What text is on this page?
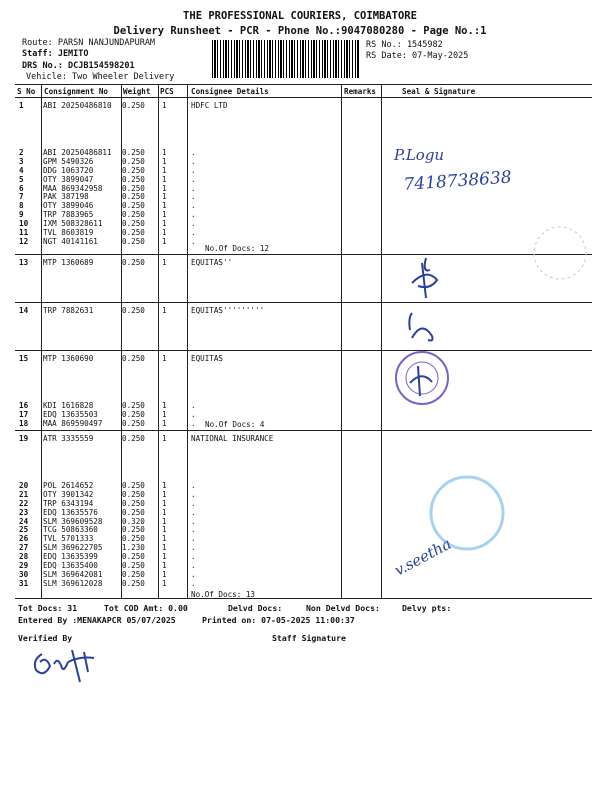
THE PROFESSIONAL COURIERS, COIMBATORE
Delivery Runsheet - PCR - Phone No.:9047080280 - Page No.:1
Route: PARSN NANJUNDAPURAM
Staff: JEMITO
DRS No.: DCJB154598201
Vehicle: Two Wheeler Delivery
RS No.: 1545982
RS Date: 07-May-2025
S No Consignment No Weight PCS Consignee Details	Remarks	Seal & Signature
1	ABI 20250486810 0.250 1	HDFC LTD
2	ABI 20250486811 0.250 1	.
3	GPM 5490326	0.250 1	.
4	DDG 1063720	0.250 1	.
5	OTY 3899047	0.250 1	.
6	MAA 869342958	0.250 1	.
7	PAK 387198	0.250 1	.
8	OTY 3899046	0.250 1	.
9	TRP 7883965	0.250 1	.
10 IXM 508328611	0.250 1	.
11 TVL 8603819	0.250 1	.
12 NGT 40141161	0.250 1	.
No.Of Docs: 12
13 MTP 1360689	0.250 1	EQUITAS''
14 TRP 7882631	0.250 1	EQUITAS'''''''''
15 MTP 1360690	0.250 1	EQUITAS
16 KDI 1616828	0.250 1	.
17 EDQ 13635503	0.250 1	.
18 MAA 869590497	0.250 1	. No.Of Docs: 4
19 ATR 3335559	0.250 1	NATIONAL INSURANCE
20 POL 2614652	0.250 1	.
21 OTY 3901342	0.250 1	.
22 TRP 6343194	0.250 1	.
23 EDQ 13635576	0.250 1	.
24 SLM 369609528	0.320 1	.
25 TCG 50863360	0.250 1	.
26 TVL 5701333	0.250 1	.
27 SLM 369622705	1.230 1	.
28 EDQ 13635399	0.250 1	.
29 EDQ 13635400	0.250 1	.
30 SLM 369642081	0.250 1	.
31 SLM 369612028	0.250 1	.
No.Of Docs: 13
P.Logu
7418738638
v.seetha
Tot Docs: 31	Tot COD Amt: 0.00	Delvd Docs:	Non Delvd Docs:	Delvy pts:
Entered By :MENAKAPCR 05/07/2025	Printed on: 07-05-2025 11:00:37
Verified By	Staff Signature
